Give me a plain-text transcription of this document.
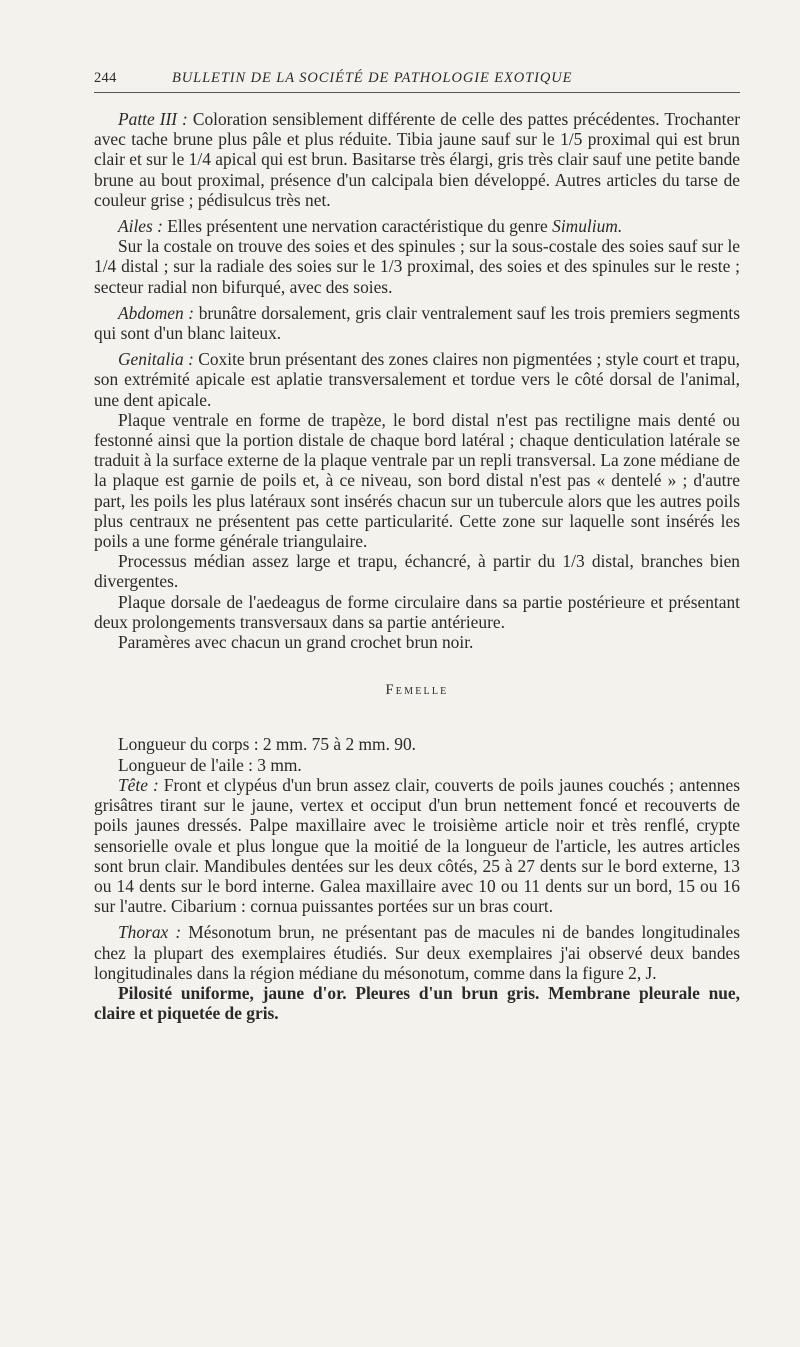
244	BULLETIN DE LA SOCIÉTÉ DE PATHOLOGIE EXOTIQUE

Patte III : Coloration sensiblement différente de celle des pattes précédentes. Trochanter avec tache brune plus pâle et plus réduite. Tibia jaune sauf sur le 1/5 proximal qui est brun clair et sur le 1/4 apical qui est brun. Basitarse très élargi, gris très clair sauf une petite bande brune au bout proximal, présence d'un calcipala bien développé. Autres articles du tarse de couleur grise ; pédisulcus très net.

Ailes : Elles présentent une nervation caractéristique du genre Simulium.

Sur la costale on trouve des soies et des spinules ; sur la sous-costale des soies sauf sur le 1/4 distal ; sur la radiale des soies sur le 1/3 proximal, des soies et des spinules sur le reste ; secteur radial non bifurqué, avec des soies.

Abdomen : brunâtre dorsalement, gris clair ventralement sauf les trois premiers segments qui sont d'un blanc laiteux.

Genitalia : Coxite brun présentant des zones claires non pigmentées ; style court et trapu, son extrémité apicale est aplatie transversalement et tordue vers le côté dorsal de l'animal, une dent apicale.

Plaque ventrale en forme de trapèze, le bord distal n'est pas rectiligne mais denté ou festonné ainsi que la portion distale de chaque bord latéral ; chaque denticulation latérale se traduit à la surface externe de la plaque ventrale par un repli transversal. La zone médiane de la plaque est garnie de poils et, à ce niveau, son bord distal n'est pas « dentelé » ; d'autre part, les poils les plus latéraux sont insérés chacun sur un tubercule alors que les autres poils plus centraux ne présentent pas cette particularité. Cette zone sur laquelle sont insérés les poils a une forme générale triangulaire.

Processus médian assez large et trapu, échancré, à partir du 1/3 distal, branches bien divergentes.

Plaque dorsale de l'aedeagus de forme circulaire dans sa partie postérieure et présentant deux prolongements transversaux dans sa partie antérieure.

Paramères avec chacun un grand crochet brun noir.

Femelle

Longueur du corps : 2 mm. 75 à 2 mm. 90.

Longueur de l'aile : 3 mm.

Tête : Front et clypéus d'un brun assez clair, couverts de poils jaunes couchés ; antennes grisâtres tirant sur le jaune, vertex et occiput d'un brun nettement foncé et recouverts de poils jaunes dressés. Palpe maxillaire avec le troisième article noir et très renflé, crypte sensorielle ovale et plus longue que la moitié de la longueur de l'article, les autres articles sont brun clair. Mandibules dentées sur les deux côtés, 25 à 27 dents sur le bord externe, 13 ou 14 dents sur le bord interne. Galea maxillaire avec 10 ou 11 dents sur un bord, 15 ou 16 sur l'autre. Cibarium : cornua puissantes portées sur un bras court.

Thorax : Mésonotum brun, ne présentant pas de macules ni de bandes longitudinales chez la plupart des exemplaires étudiés. Sur deux exemplaires j'ai observé deux bandes longitudinales dans la région médiane du mésonotum, comme dans la figure 2, J.

Pilosité uniforme, jaune d'or. Pleures d'un brun gris. Membrane pleurale nue, claire et piquetée de gris.
